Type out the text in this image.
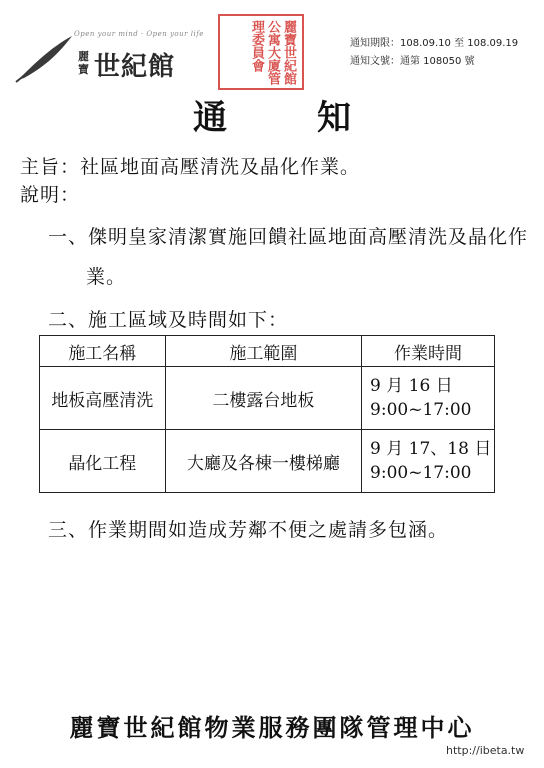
Open your mind · Open your life
麗寶 世紀館	麗寶世紀館公寓大廈管理委員會	通知期限：108.09.10 至 108.09.19
通知文號：通第 108050 號
通知
主旨：社區地面高壓清洗及晶化作業。
說明：
一、傑明皇家清潔實施回饋社區地面高壓清洗及晶化作
業。
二、施工區域及時間如下：
施工名稱	施工範圍	作業時間
地板高壓清洗	二樓露台地板	9 月 16 日
9:00~17:00

晶化工程	大廳及各棟一樓梯廳	9 月 17、18 日
9:00~17:00
三、作業期間如造成芳鄰不便之處請多包涵。
麗寶世紀館物業服務團隊管理中心
http://ibeta.tw
